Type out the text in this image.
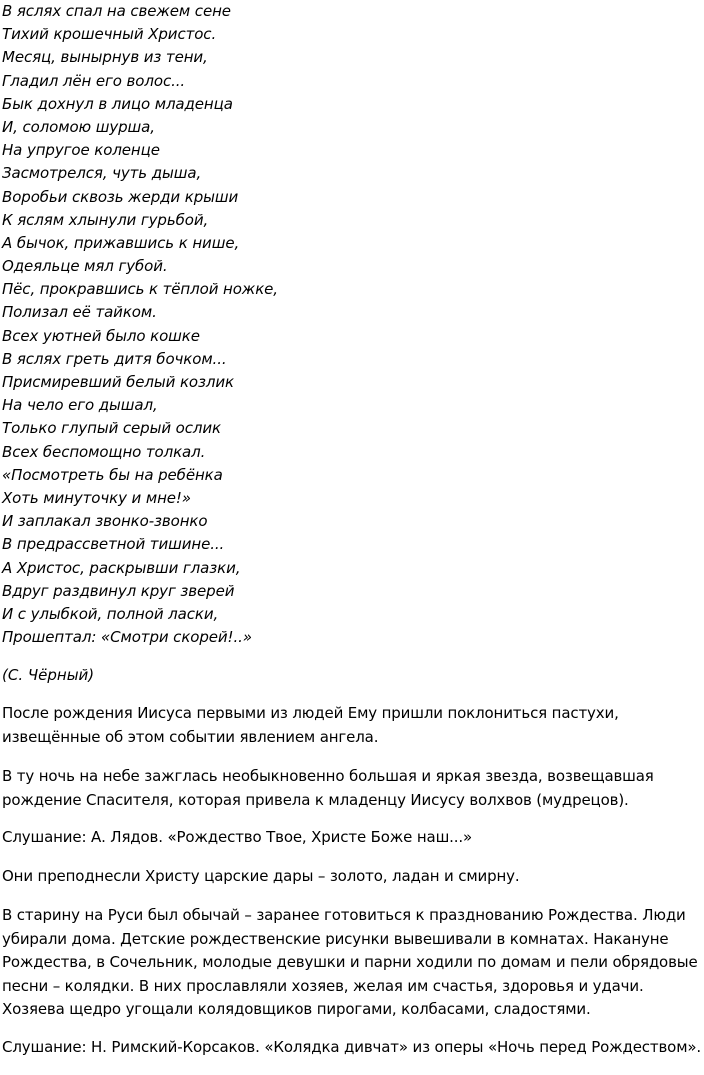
В яслях спал на свежем сене
Тихий крошечный Христос.
Месяц, вынырнув из тени,
Гладил лён его волос...
Бык дохнул в лицо младенца
И, соломою шурша,
На упругое коленце
Засмотрелся, чуть дыша,
Воробьи сквозь жерди крыши
К яслям хлынули гурьбой,
А бычок, прижавшись к нише,
Одеяльце мял губой.
Пёс, прокравшись к тёплой ножке,
Полизал её тайком.
Всех уютней было кошке
В яслях греть дитя бочком...
Присмиревший белый козлик
На чело его дышал,
Только глупый серый ослик
Всех беспомощно толкал.
«Посмотреть бы на ребёнка
Хоть минуточку и мне!»
И заплакал звонко-звонко
В предрассветной тишине...
А Христос, раскрывши глазки,
Вдруг раздвинул круг зверей
И с улыбкой, полной ласки,
Прошептал: «Смотри скорей!..»
(С. Чёрный)

После рождения Иисуса первыми из людей Ему пришли поклониться пастухи, извещённые об этом событии явлением ангела.

В ту ночь на небе зажглась необыкновенно большая и яркая звезда, возвещавшая рождение Спасителя, которая привела к младенцу Иисусу волхвов (мудрецов).

Слушание: А. Лядов. «Рождество Твое, Христе Боже наш...»

Они преподнесли Христу царские дары – золото, ладан и смирну.

В старину на Руси был обычай – заранее готовиться к празднованию Рождества. Люди убирали дома. Детские рождественские рисунки вывешивали в комнатах. Накануне Рождества, в Сочельник, молодые девушки и парни ходили по домам и пели обрядовые песни – колядки. В них прославляли хозяев, желая им счастья, здоровья и удачи. Хозяева щедро угощали колядовщиков пирогами, колбасами, сладостями.

Слушание: Н. Римский-Корсаков. «Колядка дивчат» из оперы «Ночь перед Рождеством».
